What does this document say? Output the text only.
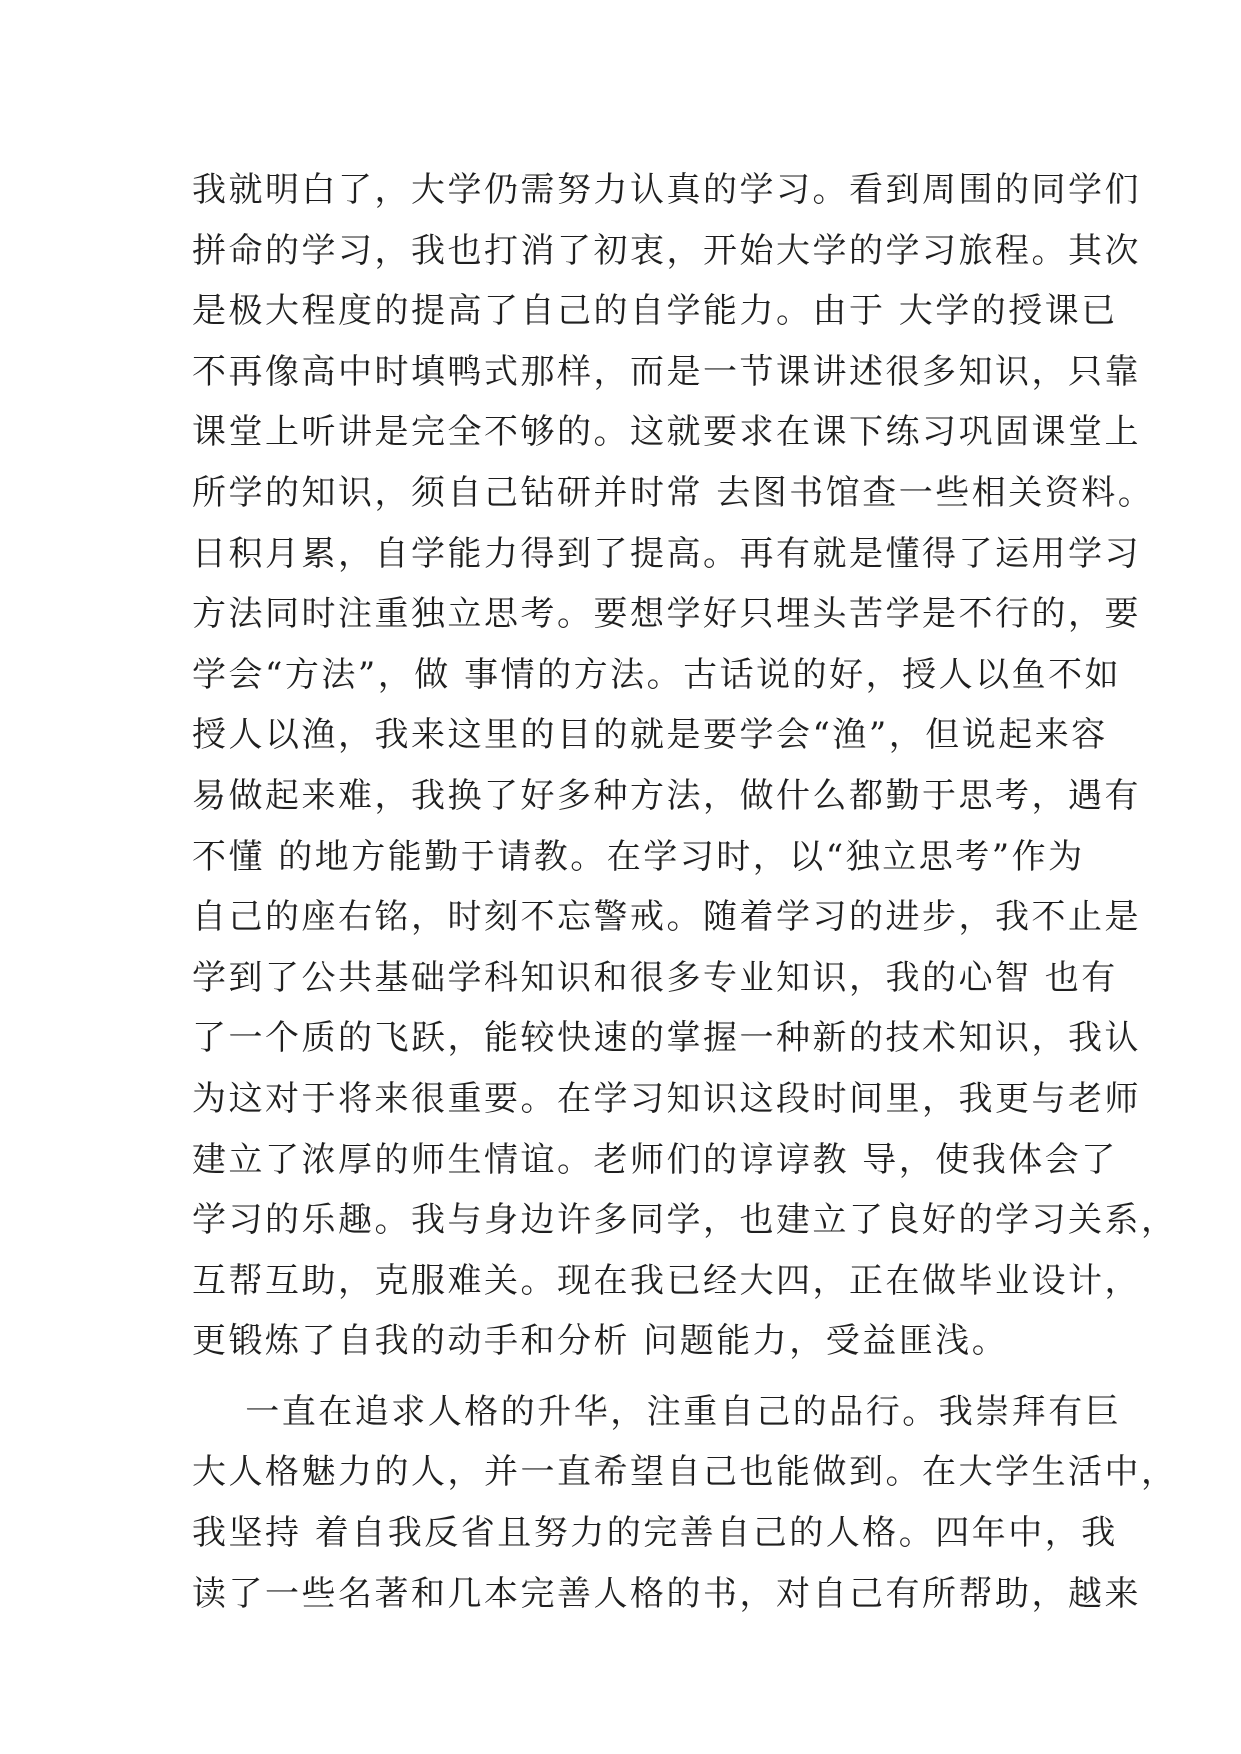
我就明白了，大学仍需努力认真的学习。看到周围的同学们
拼命的学习，我也打消了初衷，开始大学的学习旅程。其次
是极大程度的提高了自己的自学能力。由于 大学的授课已
不再像高中时填鸭式那样，而是一节课讲述很多知识，只靠
课堂上听讲是完全不够的。这就要求在课下练习巩固课堂上
所学的知识，须自己钻研并时常 去图书馆查一些相关资料。
日积月累，自学能力得到了提高。再有就是懂得了运用学习
方法同时注重独立思考。要想学好只埋头苦学是不行的，要
学会“方法”，做 事情的方法。古话说的好，授人以鱼不如
授人以渔，我来这里的目的就是要学会“渔”，但说起来容
易做起来难，我换了好多种方法，做什么都勤于思考，遇有
不懂 的地方能勤于请教。在学习时，以“独立思考”作为
自己的座右铭，时刻不忘警戒。随着学习的进步，我不止是
学到了公共基础学科知识和很多专业知识，我的心智 也有
了一个质的飞跃，能较快速的掌握一种新的技术知识，我认
为这对于将来很重要。在学习知识这段时间里，我更与老师
建立了浓厚的师生情谊。老师们的谆谆教 导，使我体会了
学习的乐趣。我与身边许多同学，也建立了良好的学习关系，
互帮互助，克服难关。现在我已经大四，正在做毕业设计，
更锻炼了自我的动手和分析 问题能力，受益匪浅。
一直在追求人格的升华，注重自己的品行。我崇拜有巨
大人格魅力的人，并一直希望自己也能做到。在大学生活中，
我坚持 着自我反省且努力的完善自己的人格。四年中，我
读了一些名著和几本完善人格的书，对自己有所帮助，越来
